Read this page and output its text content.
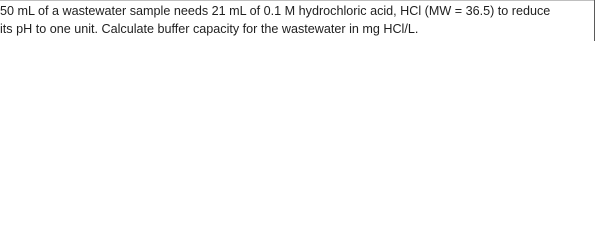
50 mL of a wastewater sample needs 21 mL of 0.1 M hydrochloric acid, HCl (MW = 36.5) to reduce
its pH to one unit. Calculate buffer capacity for the wastewater in mg HCl/L.
